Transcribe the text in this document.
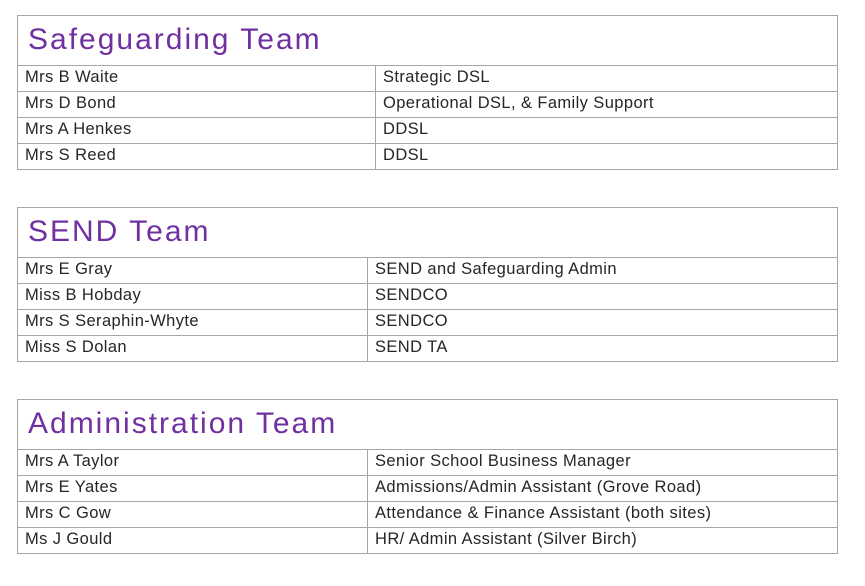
Safeguarding Team	
Mrs B Waite	Strategic DSL
Mrs D Bond	Operational DSL, & Family Support
Mrs A Henkes	DDSL
Mrs S Reed	DDSL
SEND Team	
Mrs E Gray	SEND and Safeguarding Admin
Miss B Hobday	SENDCO
Mrs S Seraphin-Whyte	SENDCO
Miss S Dolan	SEND TA
Administration Team	
Mrs A Taylor	Senior School Business Manager
Mrs E Yates	Admissions/Admin Assistant (Grove Road)
Mrs C Gow	Attendance & Finance Assistant (both sites)
Ms J Gould	HR/ Admin Assistant (Silver Birch)
